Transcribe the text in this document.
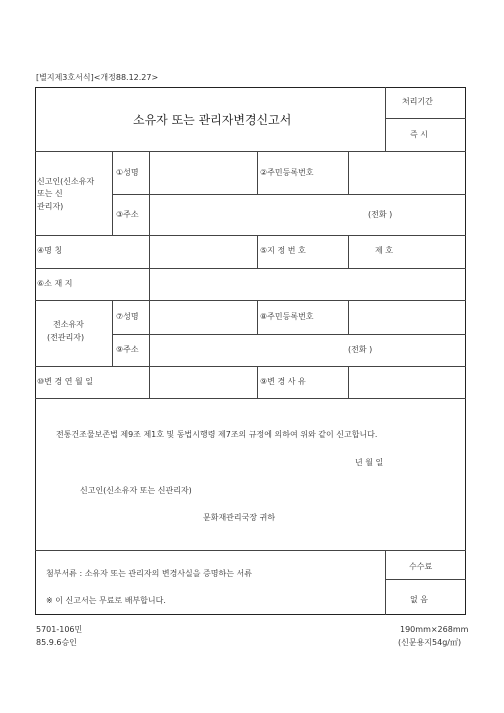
[별지제3호서식]<개정88.12.27>
소유자 또는 관리자변경신고서
처리기간
즉 시
신고인(신소유자
또는 신
관리자)
①성명	②주민등록번호
③주소	(전화 )
④명 칭	⑤지 정 번 호	제 호
⑥소 재 지
전소유자
(전관리자)
⑦성명	⑧주민등록번호
⑨주소	(전화 )
⑩변 경 연 월 일	⑨변 경 사 유
전통건조물보존법 제9조 제1호 및 동법시행령 제7조의 규정에 의하여 위와 같이 신고합니다.
년 월 일
신고인(신소유자 또는 신관리자)
문화재관리국장 귀하
첨부서류 : 소유자 또는 관리자의 변경사실을 증명하는 서류
※ 이 신고서는 무료로 배부합니다.
수수료
없 음
5701-106민
85.9.6승인
190mm×268mm
(신문용지54g/㎡)
